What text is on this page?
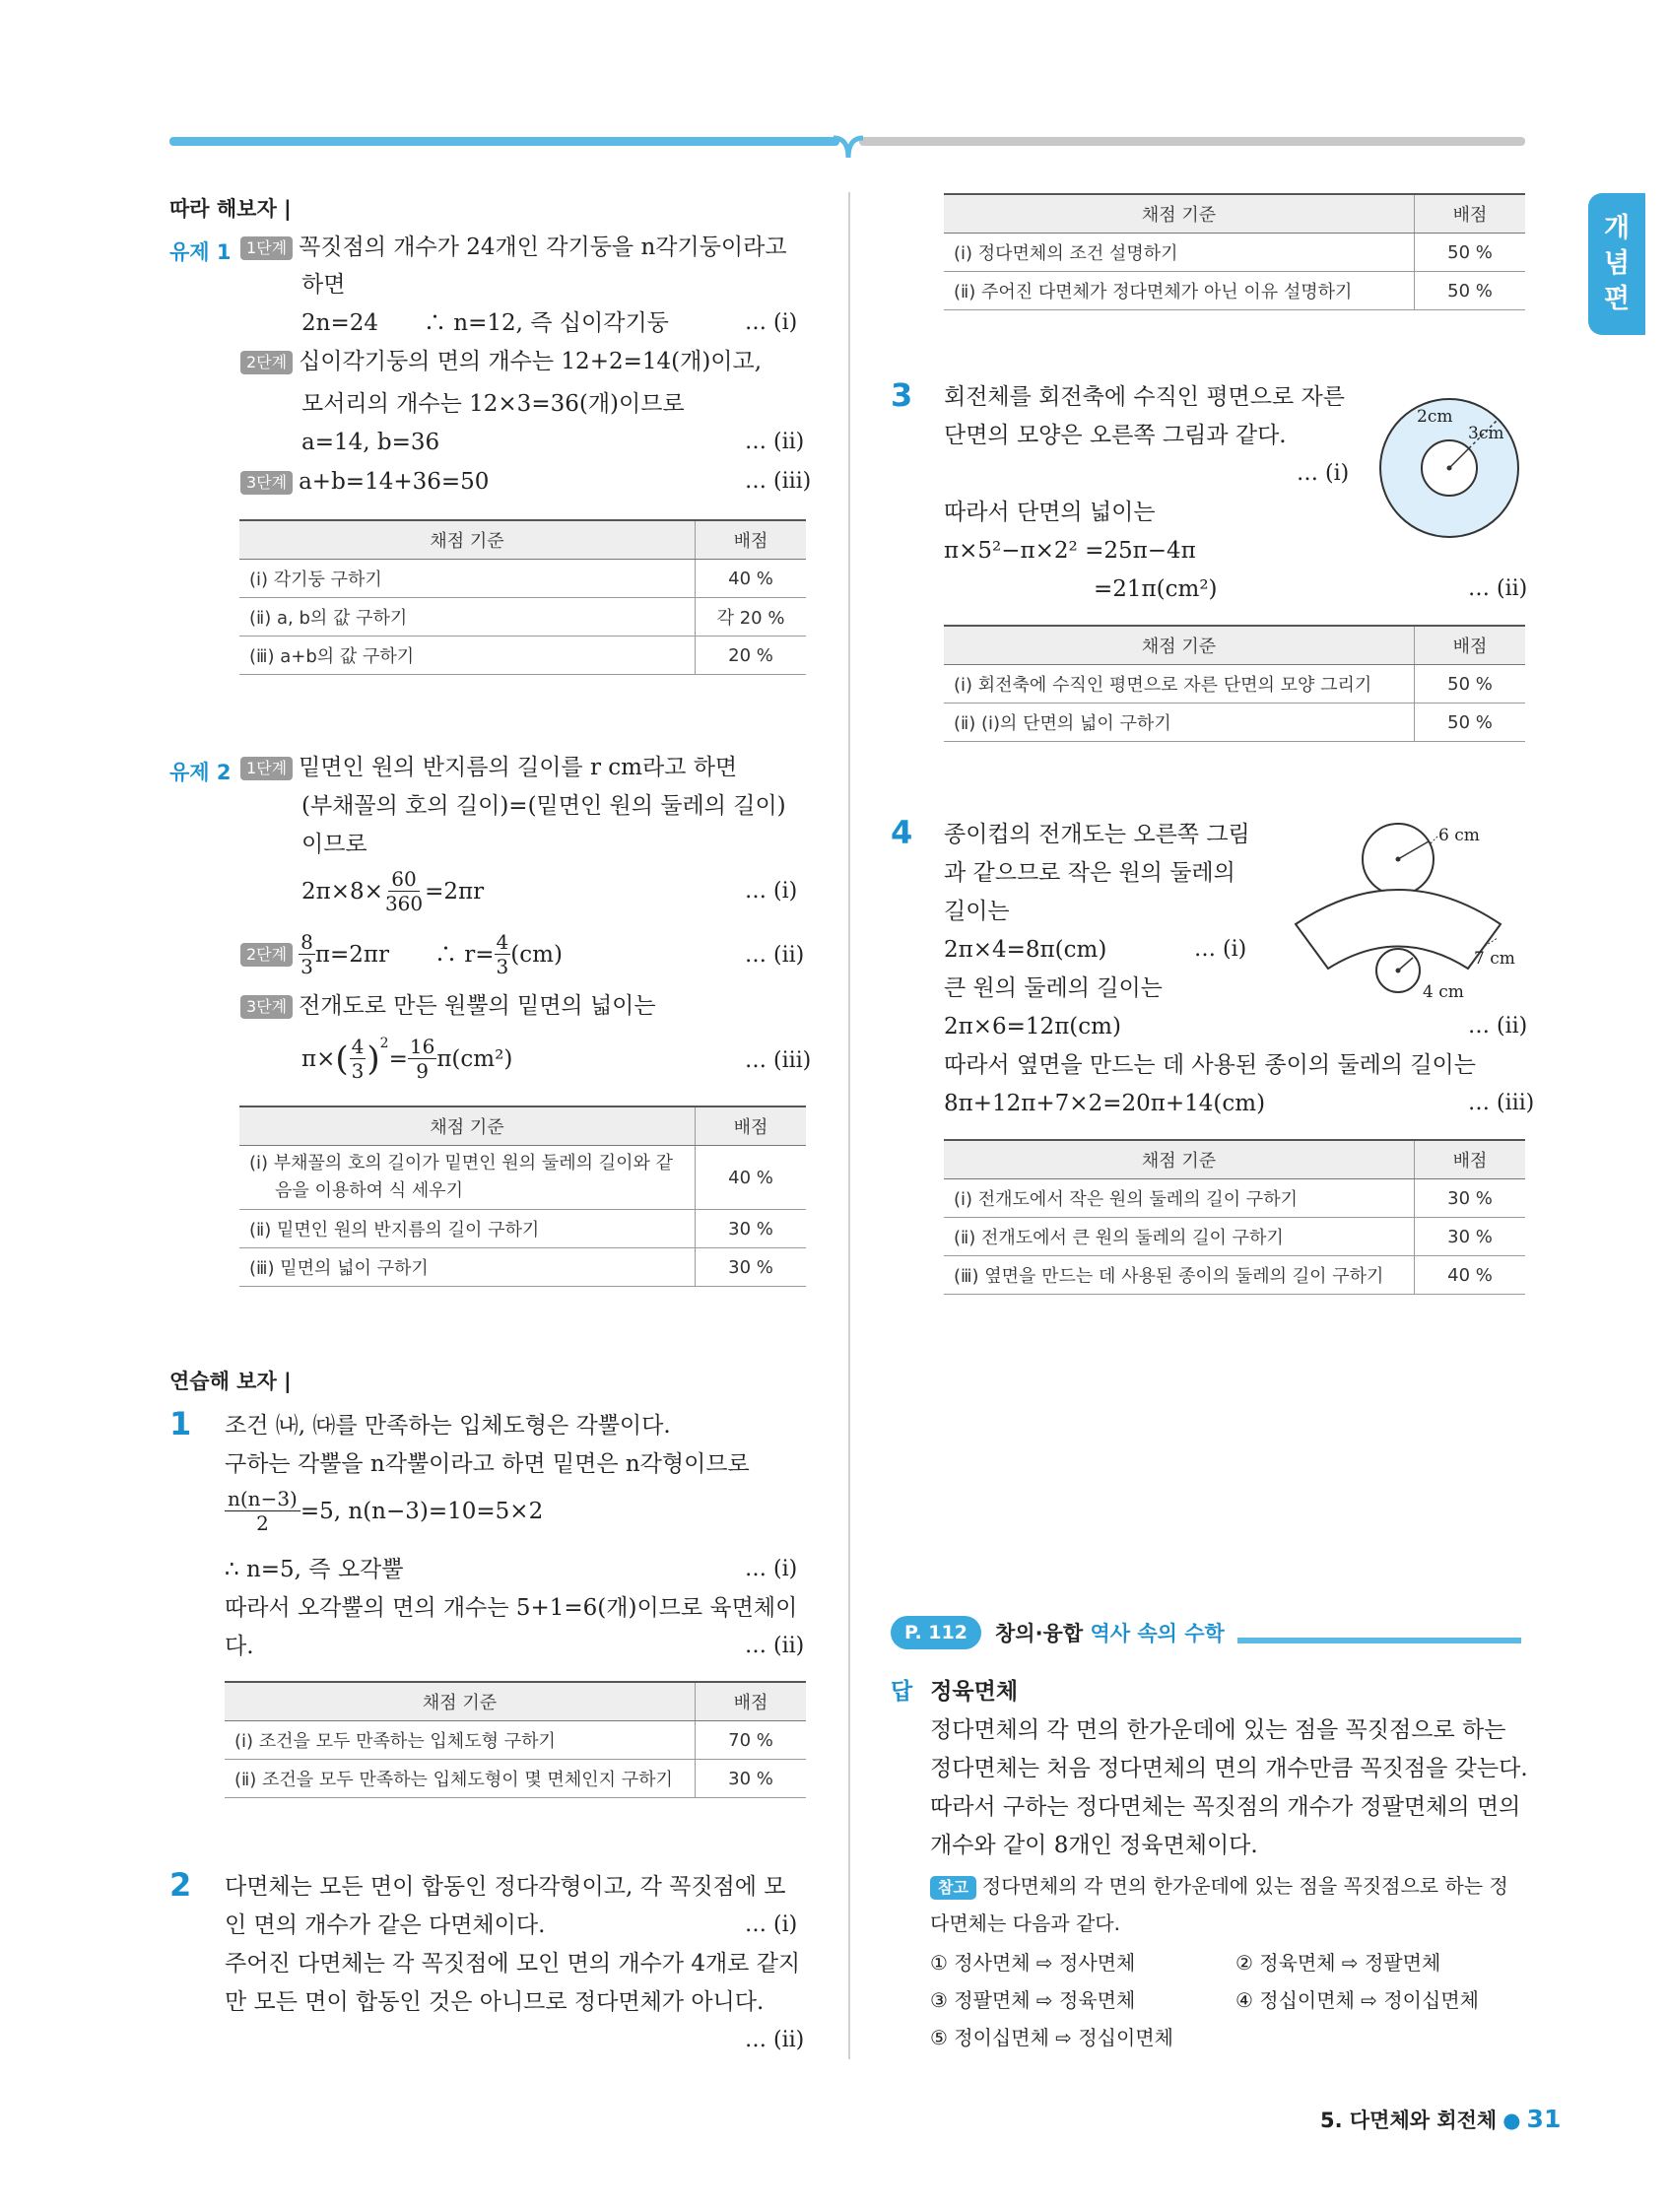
개
념
편
따라 해보자 |
유제 1 1단계 꼭짓점의 개수가 24개인 각기둥을 n각기둥이라고
하면
2n=24　　∴ n=12, 즉 십이각기둥	… (ⅰ)
2단계 십이각기둥의 면의 개수는 12+2=14(개)이고,
모서리의 개수는 12×3=36(개)이므로
a=14, b=36	… (ⅱ)
3단계 a+b=14+36=50	… (ⅲ)
채점 기준	배점
(ⅰ) 각기둥 구하기	40 %
(ⅱ) a, b의 값 구하기	각 20 %
(ⅲ) a+b의 값 구하기	20 %
유제 2 1단계 밑면인 원의 반지름의 길이를 r cm라고 하면
(부채꼴의 호의 길이)=(밑면인 원의 둘레의 길이)
이므로
$2\pi\times 8\times \frac{60}{360} =2\pi r$	… (ⅰ)
2단계 8
3 π=2πr　　∴ $r= \frac{4}{3} (cm)$	… (ⅱ)
3단계 전개도로 만든 원뿔의 밑면의 넓이는
π× ( 4
3 ) 2
= $\frac{16}{9} \pi(cm^2)$	… (ⅲ)
채점 기준	배점
(ⅰ) 부채꼴의 호의 길이가 밑면인 원의 둘레의 길이와 같
음을 이용하여 식 세우기	40 %
(ⅱ) 밑면인 원의 반지름의 길이 구하기	30 %
(ⅲ) 밑면의 넓이 구하기	30 %
연습해 보자 |
1 조건 ㈏, ㈐를 만족하는 입체도형은 각뿔이다.
구하는 각뿔을 n각뿔이라고 하면 밑면은 n각형이므로
$\frac{n(n-3)}{2} =5$, n(n−3)=10=5×2
∴ n=5, 즉 오각뿔	… (ⅰ)
따라서 오각뿔의 면의 개수는 5+1=6(개)이므로 육면체이
다.	… (ⅱ)
채점 기준	배점
(ⅰ) 조건을 모두 만족하는 입체도형 구하기	70 %
(ⅱ) 조건을 모두 만족하는 입체도형이 몇 면체인지 구하기	30 %
2 다면체는 모든 면이 합동인 정다각형이고, 각 꼭짓점에 모
인 면의 개수가 같은 다면체이다.	… (ⅰ)
주어진 다면체는 각 꼭짓점에 모인 면의 개수가 4개로 같지
만 모든 면이 합동인 것은 아니므로 정다면체가 아니다.
… (ⅱ)
채점 기준	배점
(ⅰ) 정다면체의 조건 설명하기	50 %
(ⅱ) 주어진 다면체가 정다면체가 아닌 이유 설명하기	50 %
3 회전체를 회전축에 수직인 평면으로 자른
단면의 모양은 오른쪽 그림과 같다.
… (ⅰ)
따라서 단면의 넓이는
π×5²−π×2² =25π−4π
=21π(cm²)	… (ⅱ)
2cm
3cm
채점 기준	배점
(ⅰ) 회전축에 수직인 평면으로 자른 단면의 모양 그리기	50 %
(ⅱ) (ⅰ)의 단면의 넓이 구하기	50 %
4 종이컵의 전개도는 오른쪽 그림
과 같으므로 작은 원의 둘레의
길이는
2π×4=8π(cm)	… (ⅰ)
큰 원의 둘레의 길이는
2π×6=12π(cm)	… (ⅱ)
따라서 옆면을 만드는 데 사용된 종이의 둘레의 길이는
8π+12π+7×2=20π+14(cm)	… (ⅲ)
6 cm
7 cm
4 cm
채점 기준	배점
(ⅰ) 전개도에서 작은 원의 둘레의 길이 구하기	30 %
(ⅱ) 전개도에서 큰 원의 둘레의 길이 구하기	30 %
(ⅲ) 옆면을 만드는 데 사용된 종이의 둘레의 길이 구하기	40 %
P. 112	창의·융합 역사 속의 수학
답 정육면체
정다면체의 각 면의 한가운데에 있는 점을 꼭짓점으로 하는
정다면체는 처음 정다면체의 면의 개수만큼 꼭짓점을 갖는다.
따라서 구하는 정다면체는 꼭짓점의 개수가 정팔면체의 면의
개수와 같이 8개인 정육면체이다.
참고 정다면체의 각 면의 한가운데에 있는 점을 꼭짓점으로 하는 정
다면체는 다음과 같다.
① 정사면체 ⇨ 정사면체	② 정육면체 ⇨ 정팔면체
③ 정팔면체 ⇨ 정육면체	④ 정십이면체 ⇨ 정이십면체
⑤ 정이십면체 ⇨ 정십이면체
5. 다면체와 회전체 ● 31
